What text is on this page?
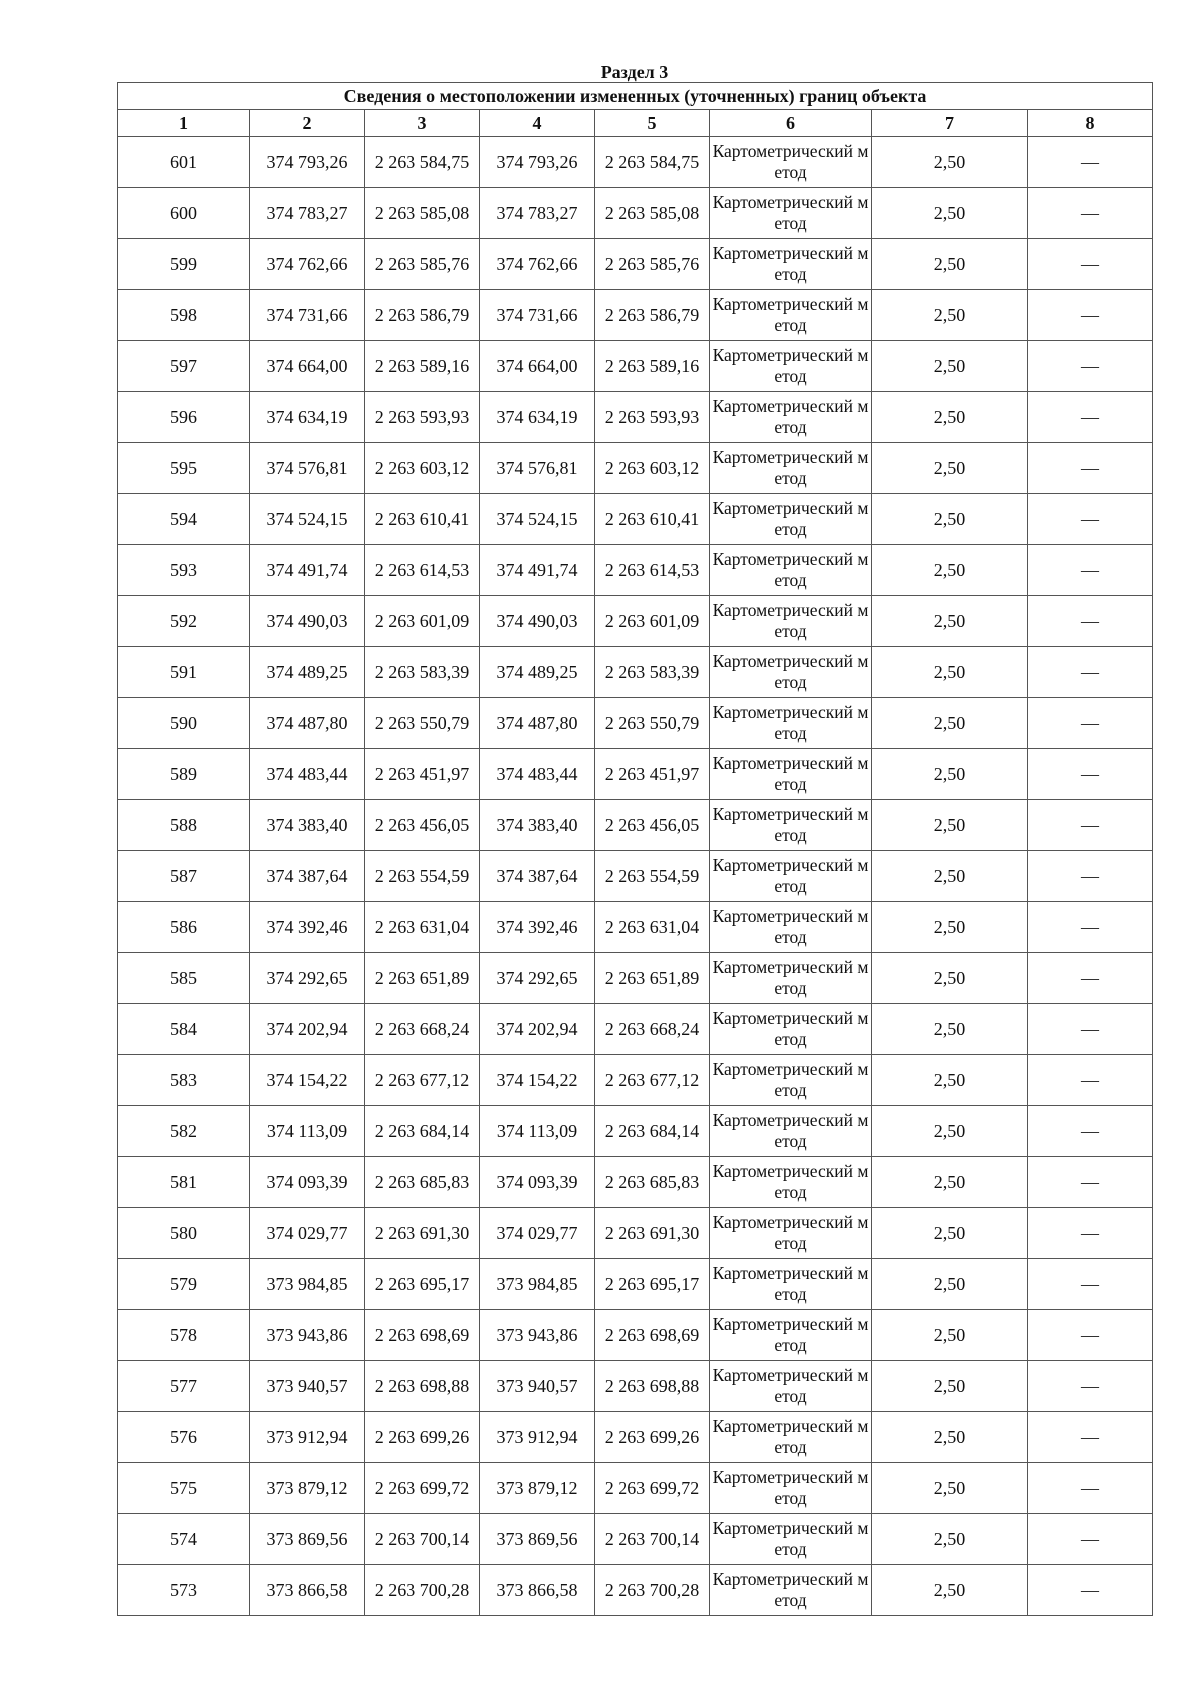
Раздел 3
Сведения о местоположении измененных (уточненных) границ объекта							
1	2	3	4	5	6	7	8
601	374 793,26	2 263 584,75	374 793,26	2 263 584,75	Картометрический метод	2,50	—
600	374 783,27	2 263 585,08	374 783,27	2 263 585,08	Картометрический метод	2,50	—
599	374 762,66	2 263 585,76	374 762,66	2 263 585,76	Картометрический метод	2,50	—
598	374 731,66	2 263 586,79	374 731,66	2 263 586,79	Картометрический метод	2,50	—
597	374 664,00	2 263 589,16	374 664,00	2 263 589,16	Картометрический метод	2,50	—
596	374 634,19	2 263 593,93	374 634,19	2 263 593,93	Картометрический метод	2,50	—
595	374 576,81	2 263 603,12	374 576,81	2 263 603,12	Картометрический метод	2,50	—
594	374 524,15	2 263 610,41	374 524,15	2 263 610,41	Картометрический метод	2,50	—
593	374 491,74	2 263 614,53	374 491,74	2 263 614,53	Картометрический метод	2,50	—
592	374 490,03	2 263 601,09	374 490,03	2 263 601,09	Картометрический метод	2,50	—
591	374 489,25	2 263 583,39	374 489,25	2 263 583,39	Картометрический метод	2,50	—
590	374 487,80	2 263 550,79	374 487,80	2 263 550,79	Картометрический метод	2,50	—
589	374 483,44	2 263 451,97	374 483,44	2 263 451,97	Картометрический метод	2,50	—
588	374 383,40	2 263 456,05	374 383,40	2 263 456,05	Картометрический метод	2,50	—
587	374 387,64	2 263 554,59	374 387,64	2 263 554,59	Картометрический метод	2,50	—
586	374 392,46	2 263 631,04	374 392,46	2 263 631,04	Картометрический метод	2,50	—
585	374 292,65	2 263 651,89	374 292,65	2 263 651,89	Картометрический метод	2,50	—
584	374 202,94	2 263 668,24	374 202,94	2 263 668,24	Картометрический метод	2,50	—
583	374 154,22	2 263 677,12	374 154,22	2 263 677,12	Картометрический метод	2,50	—
582	374 113,09	2 263 684,14	374 113,09	2 263 684,14	Картометрический метод	2,50	—
581	374 093,39	2 263 685,83	374 093,39	2 263 685,83	Картометрический метод	2,50	—
580	374 029,77	2 263 691,30	374 029,77	2 263 691,30	Картометрический метод	2,50	—
579	373 984,85	2 263 695,17	373 984,85	2 263 695,17	Картометрический метод	2,50	—
578	373 943,86	2 263 698,69	373 943,86	2 263 698,69	Картометрический метод	2,50	—
577	373 940,57	2 263 698,88	373 940,57	2 263 698,88	Картометрический метод	2,50	—
576	373 912,94	2 263 699,26	373 912,94	2 263 699,26	Картометрический метод	2,50	—
575	373 879,12	2 263 699,72	373 879,12	2 263 699,72	Картометрический метод	2,50	—
574	373 869,56	2 263 700,14	373 869,56	2 263 700,14	Картометрический метод	2,50	—
573	373 866,58	2 263 700,28	373 866,58	2 263 700,28	Картометрический метод	2,50	—
